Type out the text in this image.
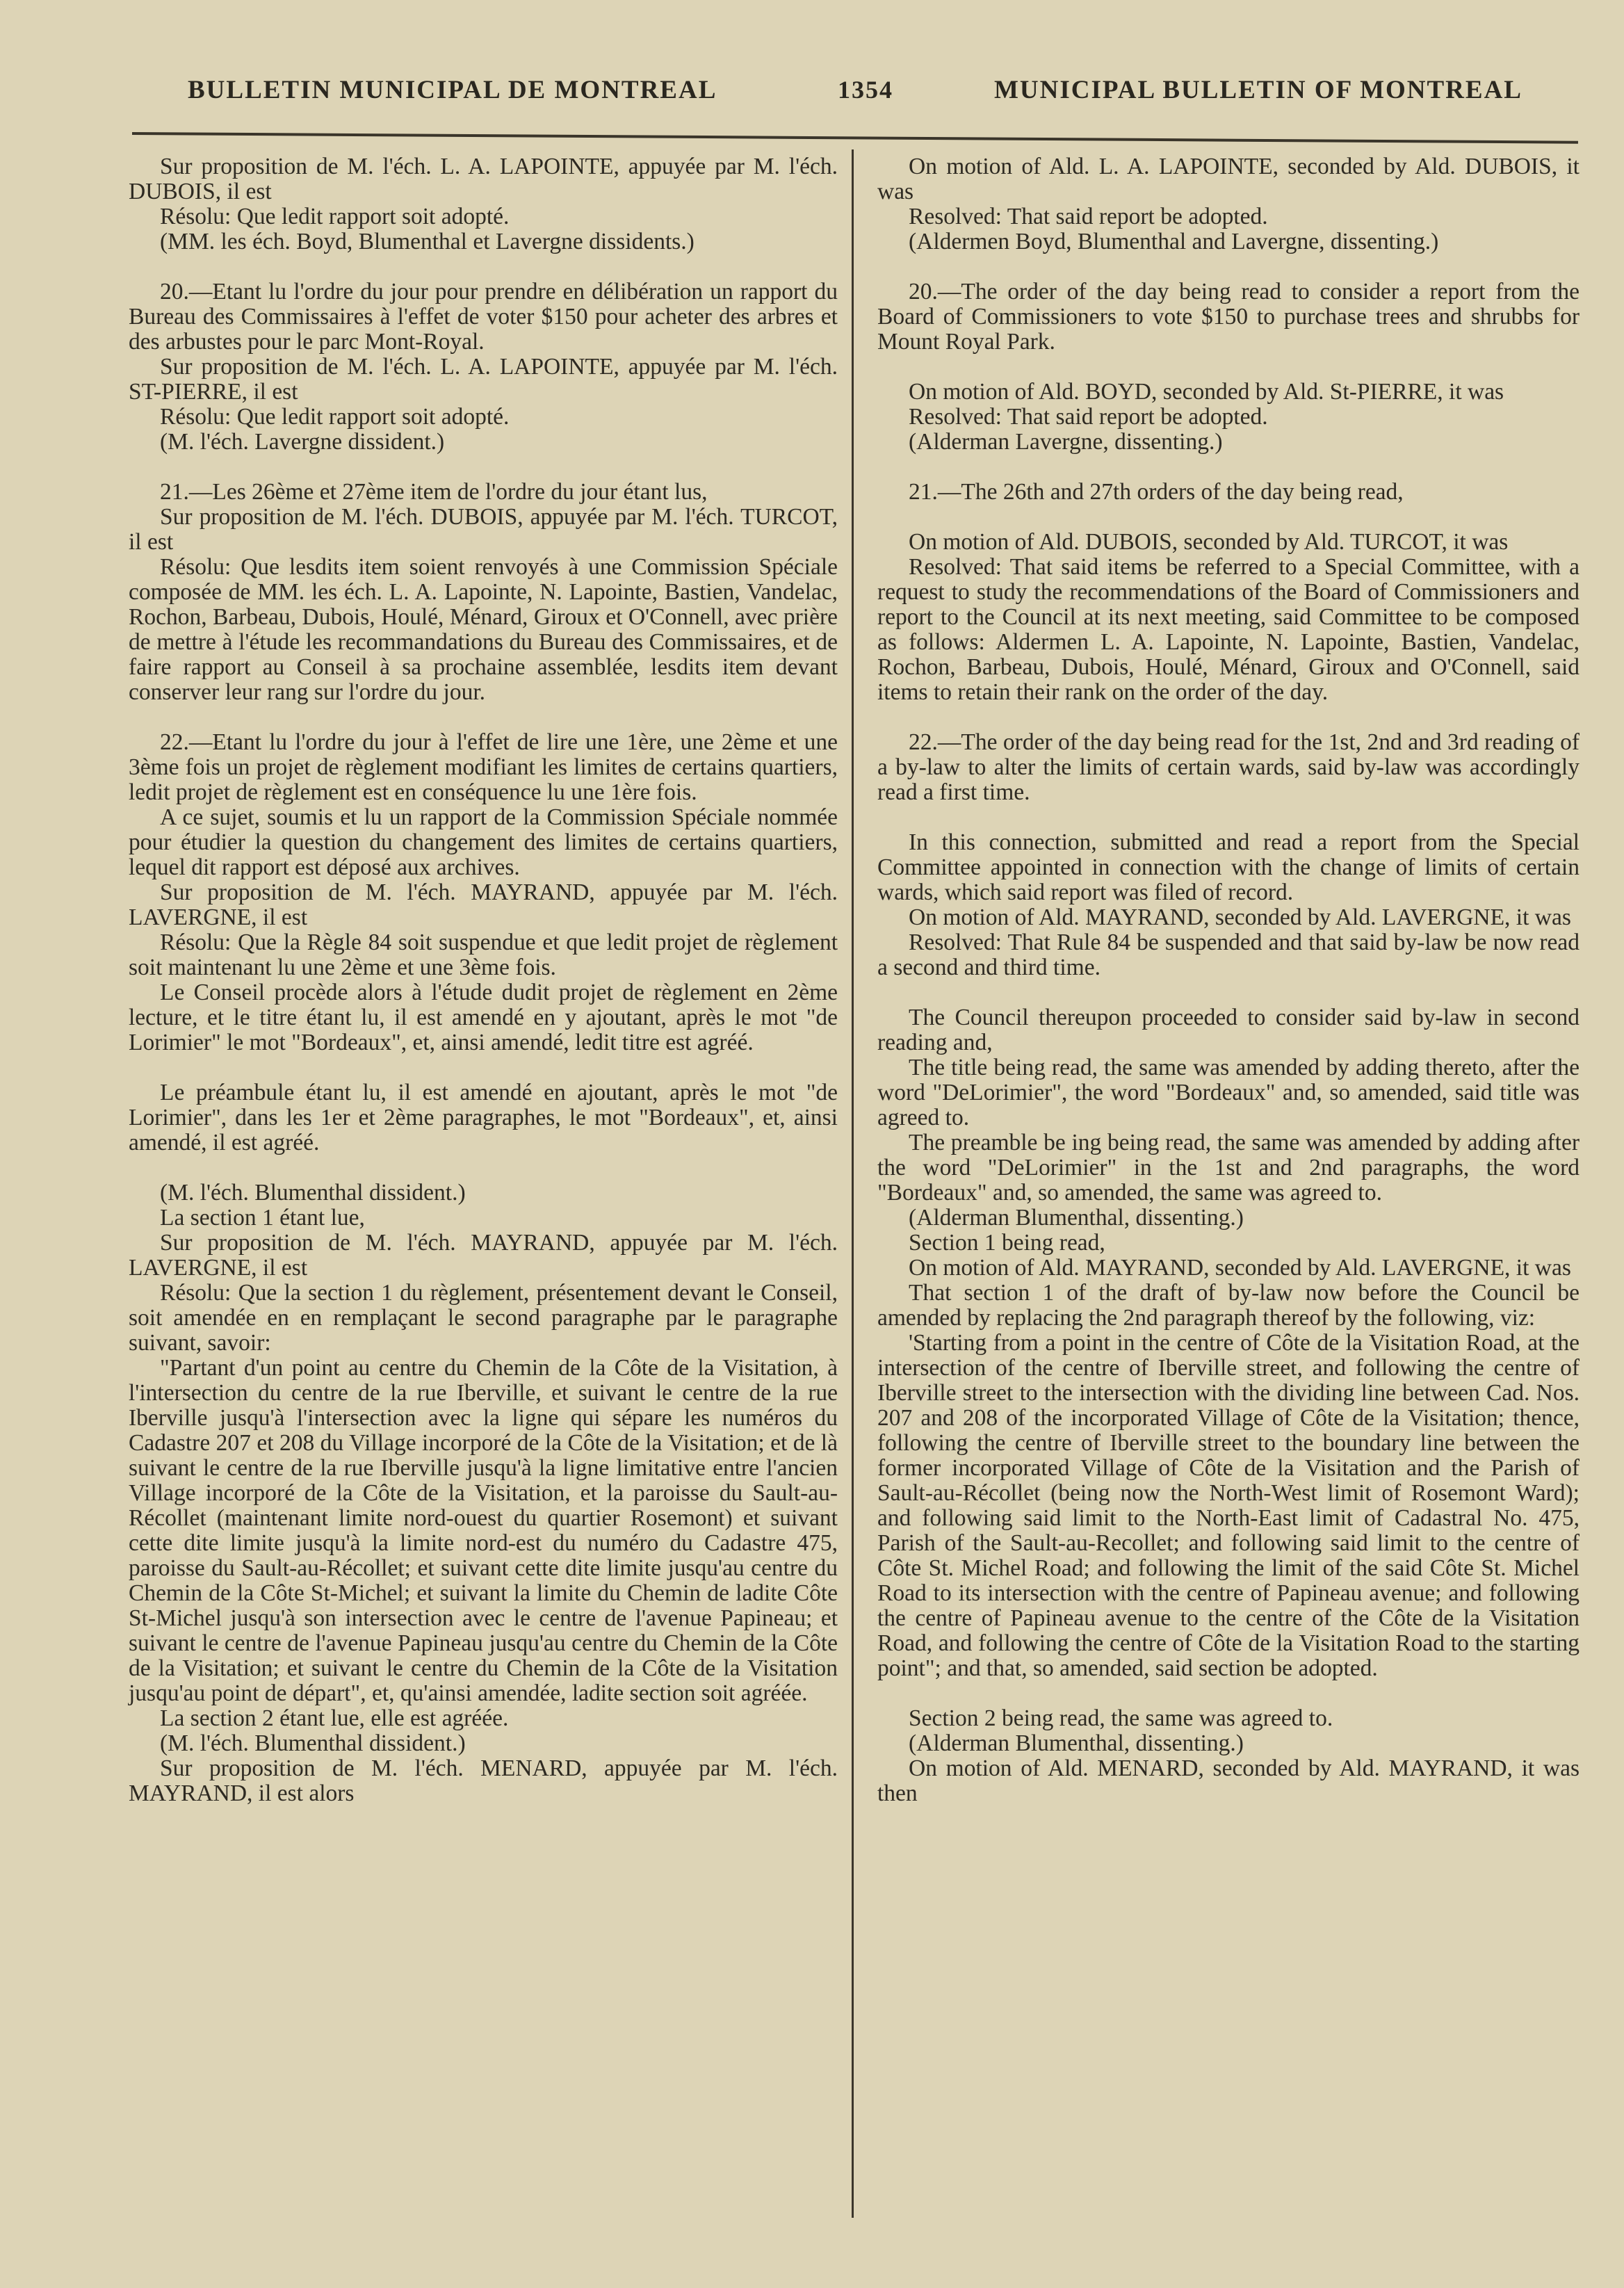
BULLETIN MUNICIPAL DE MONTREAL	1354	MUNICIPAL BULLETIN OF MONTREAL

Sur proposition de M. l'éch. L. A. LAPOINTE, appuyée par M. l'éch. DUBOIS, il est

Résolu: Que ledit rapport soit adopté.

(MM. les éch. Boyd, Blumenthal et Lavergne dissidents.)

20.—Etant lu l'ordre du jour pour prendre en délibération un rapport du Bureau des Commissaires à l'effet de voter $150 pour acheter des arbres et des arbustes pour le parc Mont-Royal.

Sur proposition de M. l'éch. L. A. LAPOINTE, appuyée par M. l'éch. ST-PIERRE, il est

Résolu: Que ledit rapport soit adopté.

(M. l'éch. Lavergne dissident.)

21.—Les 26ème et 27ème item de l'ordre du jour étant lus,

Sur proposition de M. l'éch. DUBOIS, appuyée par M. l'éch. TURCOT, il est

Résolu: Que lesdits item soient renvoyés à une Commission Spéciale composée de MM. les éch. L. A. Lapointe, N. Lapointe, Bastien, Vandelac, Rochon, Barbeau, Dubois, Houlé, Ménard, Giroux et O'Connell, avec prière de mettre à l'étude les recommandations du Bureau des Commissaires, et de faire rapport au Conseil à sa prochaine assemblée, lesdits item devant conserver leur rang sur l'ordre du jour.

22.—Etant lu l'ordre du jour à l'effet de lire une 1ère, une 2ème et une 3ème fois un projet de règlement modifiant les limites de certains quartiers, ledit projet de règlement est en conséquence lu une 1ère fois.

A ce sujet, soumis et lu un rapport de la Commission Spéciale nommée pour étudier la question du changement des limites de certains quartiers, lequel dit rapport est déposé aux archives.

Sur proposition de M. l'éch. MAYRAND, appuyée par M. l'éch. LAVERGNE, il est

Résolu: Que la Règle 84 soit suspendue et que ledit projet de règlement soit maintenant lu une 2ème et une 3ème fois.

Le Conseil procède alors à l'étude dudit projet de règlement en 2ème lecture, et le titre étant lu, il est amendé en y ajoutant, après le mot "de Lorimier" le mot "Bordeaux", et, ainsi amendé, ledit titre est agréé.

Le préambule étant lu, il est amendé en ajoutant, après le mot "de Lorimier", dans les 1er et 2ème paragraphes, le mot "Bordeaux", et, ainsi amendé, il est agréé.

(M. l'éch. Blumenthal dissident.)

La section 1 étant lue,

Sur proposition de M. l'éch. MAYRAND, appuyée par M. l'éch. LAVERGNE, il est

Résolu: Que la section 1 du règlement, présentement devant le Conseil, soit amendée en en remplaçant le second paragraphe par le paragraphe suivant, savoir:

"Partant d'un point au centre du Chemin de la Côte de la Visitation, à l'intersection du centre de la rue Iberville, et suivant le centre de la rue Iberville jusqu'à l'intersection avec la ligne qui sépare les numéros du Cadastre 207 et 208 du Village incorporé de la Côte de la Visitation; et de là suivant le centre de la rue Iberville jusqu'à la ligne limitative entre l'ancien Village incorporé de la Côte de la Visitation, et la paroisse du Sault-au-Récollet (maintenant limite nord-ouest du quartier Rosemont) et suivant cette dite limite jusqu'à la limite nord-est du numéro du Cadastre 475, paroisse du Sault-au-Récollet; et suivant cette dite limite jusqu'au centre du Chemin de la Côte St-Michel; et suivant la limite du Chemin de ladite Côte St-Michel jusqu'à son intersection avec le centre de l'avenue Papineau; et suivant le centre de l'avenue Papineau jusqu'au centre du Chemin de la Côte de la Visitation; et suivant le centre du Chemin de la Côte de la Visitation jusqu'au point de départ", et, qu'ainsi amendée, ladite section soit agréée.

La section 2 étant lue, elle est agréée.

(M. l'éch. Blumenthal dissident.)

Sur proposition de M. l'éch. MENARD, appuyée par M. l'éch. MAYRAND, il est alors

On motion of Ald. L. A. LAPOINTE, seconded by Ald. DUBOIS, it was

Resolved: That said report be adopted.

(Aldermen Boyd, Blumenthal and Lavergne, dissenting.)

20.—The order of the day being read to consider a report from the Board of Commissioners to vote $150 to purchase trees and shrubbs for Mount Royal Park.

On motion of Ald. BOYD, seconded by Ald. St-PIERRE, it was

Resolved: That said report be adopted.

(Alderman Lavergne, dissenting.)

21.—The 26th and 27th orders of the day being read,

On motion of Ald. DUBOIS, seconded by Ald. TURCOT, it was

Resolved: That said items be referred to a Special Committee, with a request to study the recommendations of the Board of Commissioners and report to the Council at its next meeting, said Committee to be composed as follows: Aldermen L. A. Lapointe, N. Lapointe, Bastien, Vandelac, Rochon, Barbeau, Dubois, Houlé, Ménard, Giroux and O'Connell, said items to retain their rank on the order of the day.

22.—The order of the day being read for the 1st, 2nd and 3rd reading of a by-law to alter the limits of certain wards, said by-law was accordingly read a first time.

In this connection, submitted and read a report from the Special Committee appointed in connection with the change of limits of certain wards, which said report was filed of record.

On motion of Ald. MAYRAND, seconded by Ald. LAVERGNE, it was

Resolved: That Rule 84 be suspended and that said by-law be now read a second and third time.

The Council thereupon proceeded to consider said by-law in second reading and,

The title being read, the same was amended by adding thereto, after the word "DeLorimier", the word "Bordeaux" and, so amended, said title was agreed to.

The preamble be ing being read, the same was amended by adding after the word "DeLorimier" in the 1st and 2nd paragraphs, the word "Bordeaux" and, so amended, the same was agreed to.

(Alderman Blumenthal, dissenting.)

Section 1 being read,

On motion of Ald. MAYRAND, seconded by Ald. LAVERGNE, it was

That section 1 of the draft of by-law now before the Council be amended by replacing the 2nd paragraph thereof by the following, viz:

'Starting from a point in the centre of Côte de la Visitation Road, at the intersection of the centre of Iberville street, and following the centre of Iberville street to the intersection with the dividing line between Cad. Nos. 207 and 208 of the incorporated Village of Côte de la Visitation; thence, following the centre of Iberville street to the boundary line between the former incorporated Village of Côte de la Visitation and the Parish of Sault-au-Récollet (being now the North-West limit of Rosemont Ward); and following said limit to the North-East limit of Cadastral No. 475, Parish of the Sault-au-Recollet; and following said limit to the centre of Côte St. Michel Road; and following the limit of the said Côte St. Michel Road to its intersection with the centre of Papineau avenue; and following the centre of Papineau avenue to the centre of the Côte de la Visitation Road, and following the centre of Côte de la Visitation Road to the starting point"; and that, so amended, said section be adopted.

Section 2 being read, the same was agreed to.

(Alderman Blumenthal, dissenting.)

On motion of Ald. MENARD, seconded by Ald. MAYRAND, it was then
